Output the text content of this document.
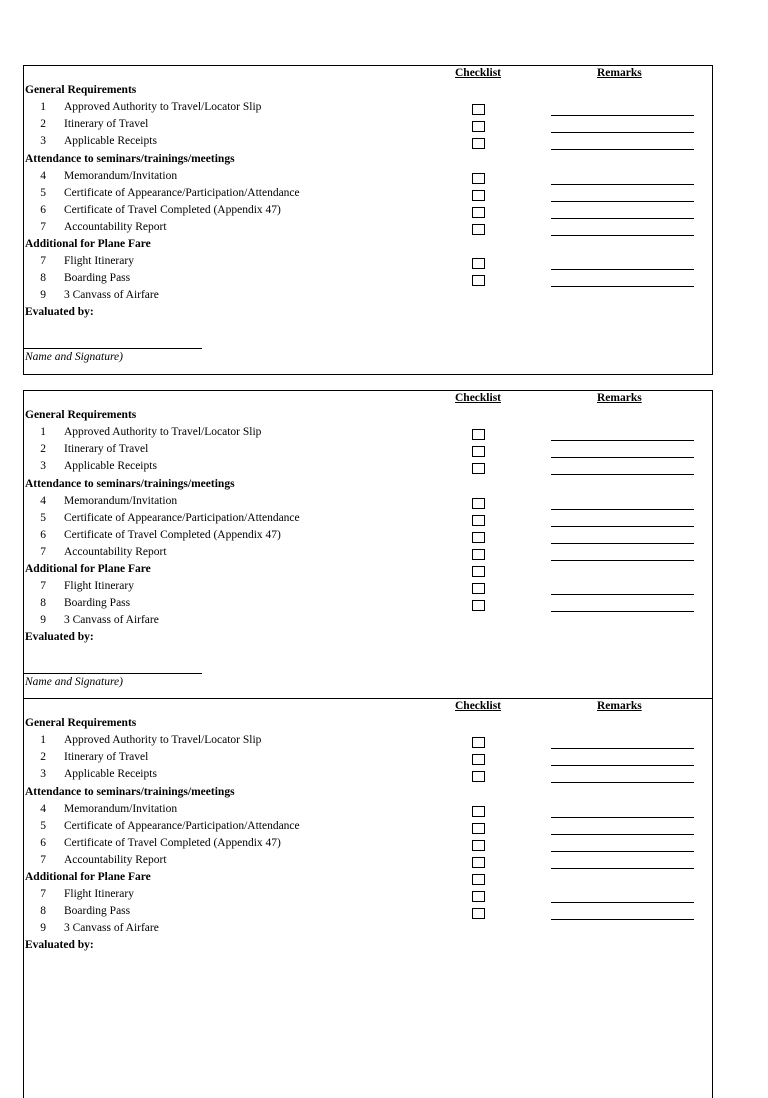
Checklist	Remarks
General Requirements
1 Approved Authority to Travel/Locator Slip
2 Itinerary of Travel
3 Applicable Receipts
Attendance to seminars/trainings/meetings
4 Memorandum/Invitation
5 Certificate of Appearance/Participation/Attendance
6 Certificate of Travel Completed (Appendix 47)
7 Accountability Report
Additional for Plane Fare
7 Flight Itinerary
8 Boarding Pass
9 3 Canvass of Airfare
Evaluated by:
Name and Signature)
Checklist	Remarks
General Requirements
1 Approved Authority to Travel/Locator Slip
2 Itinerary of Travel
3 Applicable Receipts
Attendance to seminars/trainings/meetings
4 Memorandum/Invitation
5 Certificate of Appearance/Participation/Attendance
6 Certificate of Travel Completed (Appendix 47)
7 Accountability Report
Additional for Plane Fare
7 Flight Itinerary
8 Boarding Pass
9 3 Canvass of Airfare
Evaluated by:
Name and Signature)
Checklist	Remarks
General Requirements
1 Approved Authority to Travel/Locator Slip
2 Itinerary of Travel
3 Applicable Receipts
Attendance to seminars/trainings/meetings
4 Memorandum/Invitation
5 Certificate of Appearance/Participation/Attendance
6 Certificate of Travel Completed (Appendix 47)
7 Accountability Report
Additional for Plane Fare
7 Flight Itinerary
8 Boarding Pass
9 3 Canvass of Airfare
Evaluated by:
